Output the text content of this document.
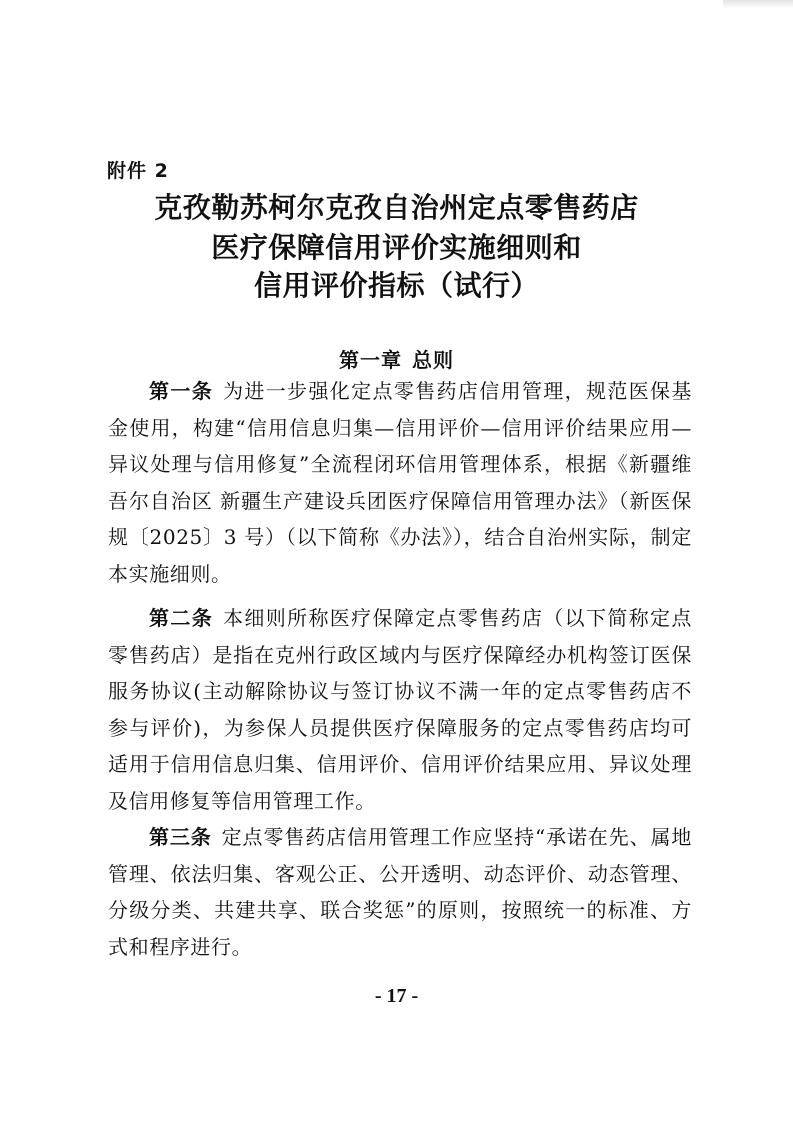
附件 2
克孜勒苏柯尔克孜自治州定点零售药店
医疗保障信用评价实施细则和
信用评价指标（试行）
第一章 总则

第一条 为进一步强化定点零售药店信用管理，规范医保基金使用，构建“信用信息归集—信用评价—信用评价结果应用—异议处理与信用修复”全流程闭环信用管理体系，根据《新疆维吾尔自治区 新疆生产建设兵团医疗保障信用管理办法》（新医保规〔2025〕3 号）（以下简称《办法》），结合自治州实际，制定本实施细则。

第二条 本细则所称医疗保障定点零售药店（以下简称定点零售药店）是指在克州行政区域内与医疗保障经办机构签订医保服务协议(主动解除协议与签订协议不满一年的定点零售药店不参与评价)，为参保人员提供医疗保障服务的定点零售药店均可适用于信用信息归集、信用评价、信用评价结果应用、异议处理及信用修复等信用管理工作。

第三条 定点零售药店信用管理工作应坚持“承诺在先、属地管理、依法归集、客观公正、公开透明、动态评价、动态管理、分级分类、共建共享、联合奖惩”的原则，按照统一的标准、方式和程序进行。

- 17 -
